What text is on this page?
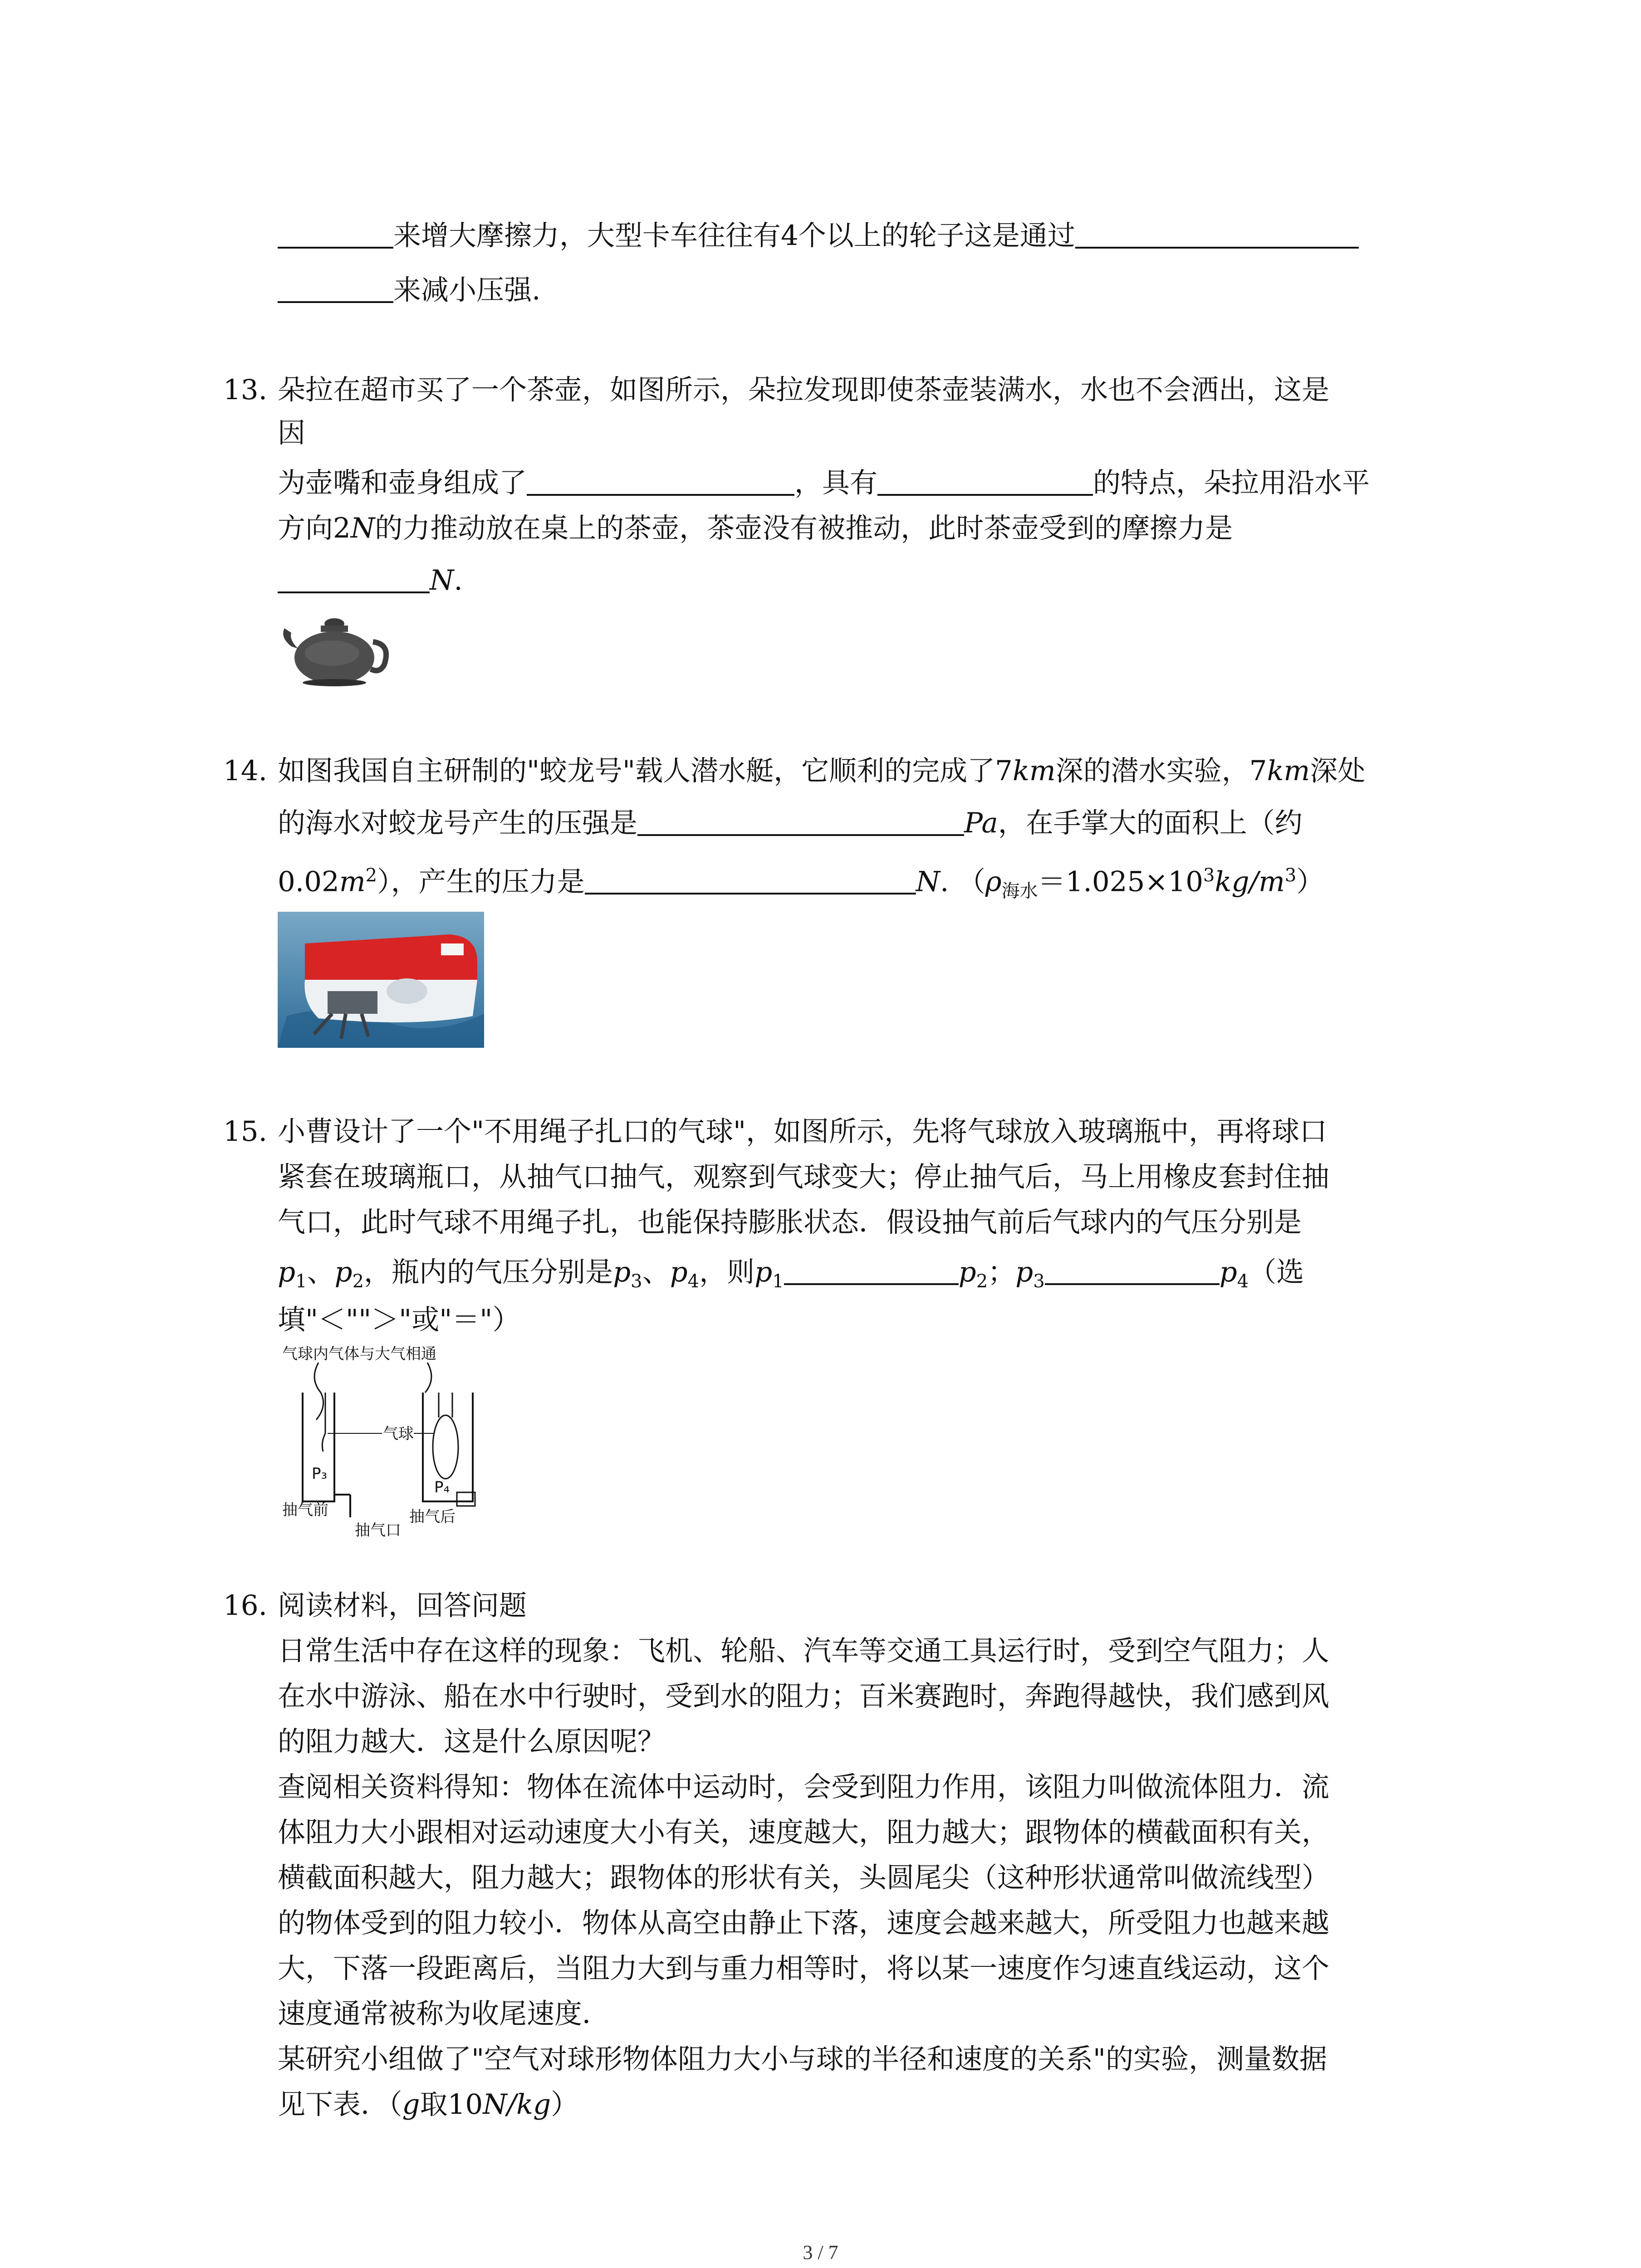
来增大摩擦力，大型卡车往往有4个以上的轮子这是通过
来减小压强.
13. 朵拉在超市买了一个茶壶，如图所示，朵拉发现即使茶壶装满水，水也不会洒出，这是
因
为壶嘴和壶身组成了	，具有	的特点，朵拉用沿水平
方向2N的力推动放在桌上的茶壶，茶壶没有被推动，此时茶壶受到的摩擦力是
N.
14. 如图我国自主研制的"蛟龙号"载人潜水艇，它顺利的完成了7km深的潜水实验，7km深处
的海水对蛟龙号产生的压强是	Pa，在手掌大的面积上（约
$0.02m^2$），产生的压力是	N. $(\rho_{海水}=1.025\times 10^3kg/m^3)$
15. 小曹设计了一个"不用绳子扎口的气球"，如图所示，先将气球放入玻璃瓶中，再将球口
紧套在玻璃瓶口，从抽气口抽气，观察到气球变大；停止抽气后，马上用橡皮套封住抽
气口，此时气球不用绳子扎，也能保持膨胀状态．假设抽气前后气球内的气压分别是
$p_1$、$p_2$，瓶内的气压分别是$p_3$、$p_4$，则$p_1$	$p_2$；$p_3$	$p_4$（选
填"＜""＞"或"＝"）
气球内气体与大气相通
P₃
抽气前
P₄
抽气后
气球
抽气口
16. 阅读材料，回答问题
日常生活中存在这样的现象：飞机、轮船、汽车等交通工具运行时，受到空气阻力；人
在水中游泳、船在水中行驶时，受到水的阻力；百米赛跑时，奔跑得越快，我们感到风
的阻力越大．这是什么原因呢？
查阅相关资料得知：物体在流体中运动时，会受到阻力作用，该阻力叫做流体阻力．流
体阻力大小跟相对运动速度大小有关，速度越大，阻力越大；跟物体的横截面积有关，
横截面积越大，阻力越大；跟物体的形状有关，头圆尾尖（这种形状通常叫做流线型）
的物体受到的阻力较小．物体从高空由静止下落，速度会越来越大，所受阻力也越来越
大，下落一段距离后，当阻力大到与重力相等时，将以某一速度作匀速直线运动，这个
速度通常被称为收尾速度．
某研究小组做了"空气对球形物体阻力大小与球的半径和速度的关系"的实验，测量数据
见下表．（g取10N/kg）
3 / 7
